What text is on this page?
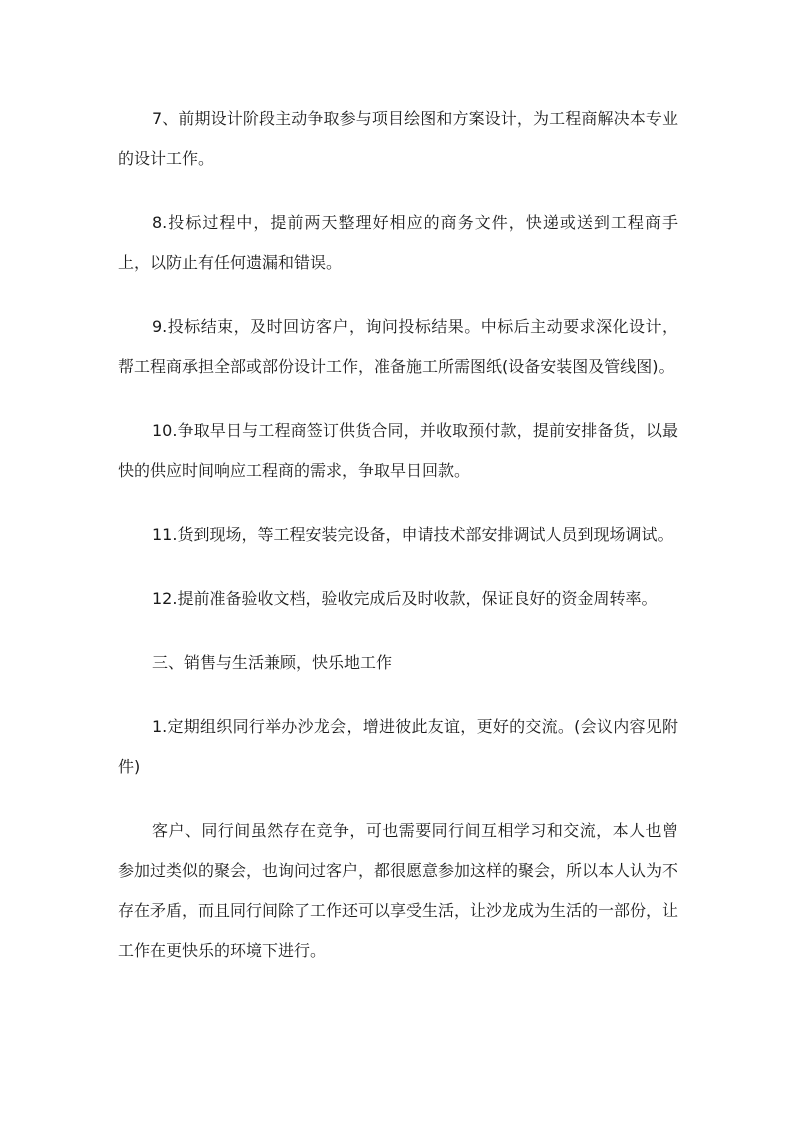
7、前期设计阶段主动争取参与项目绘图和方案设计，为工程商解决本专业的设计工作。

8.投标过程中，提前两天整理好相应的商务文件，快递或送到工程商手上，以防止有任何遗漏和错误。

9.投标结束，及时回访客户，询问投标结果。中标后主动要求深化设计，帮工程商承担全部或部份设计工作，准备施工所需图纸(设备安装图及管线图)。

10.争取早日与工程商签订供货合同，并收取预付款，提前安排备货，以最快的供应时间响应工程商的需求，争取早日回款。

11.货到现场，等工程安装完设备，申请技术部安排调试人员到现场调试。

12.提前准备验收文档，验收完成后及时收款，保证良好的资金周转率。

三、销售与生活兼顾，快乐地工作

1.定期组织同行举办沙龙会，增进彼此友谊，更好的交流。(会议内容见附件)

客户、同行间虽然存在竞争，可也需要同行间互相学习和交流，本人也曾参加过类似的聚会，也询问过客户，都很愿意参加这样的聚会，所以本人认为不存在矛盾，而且同行间除了工作还可以享受生活，让沙龙成为生活的一部份，让工作在更快乐的环境下进行。
